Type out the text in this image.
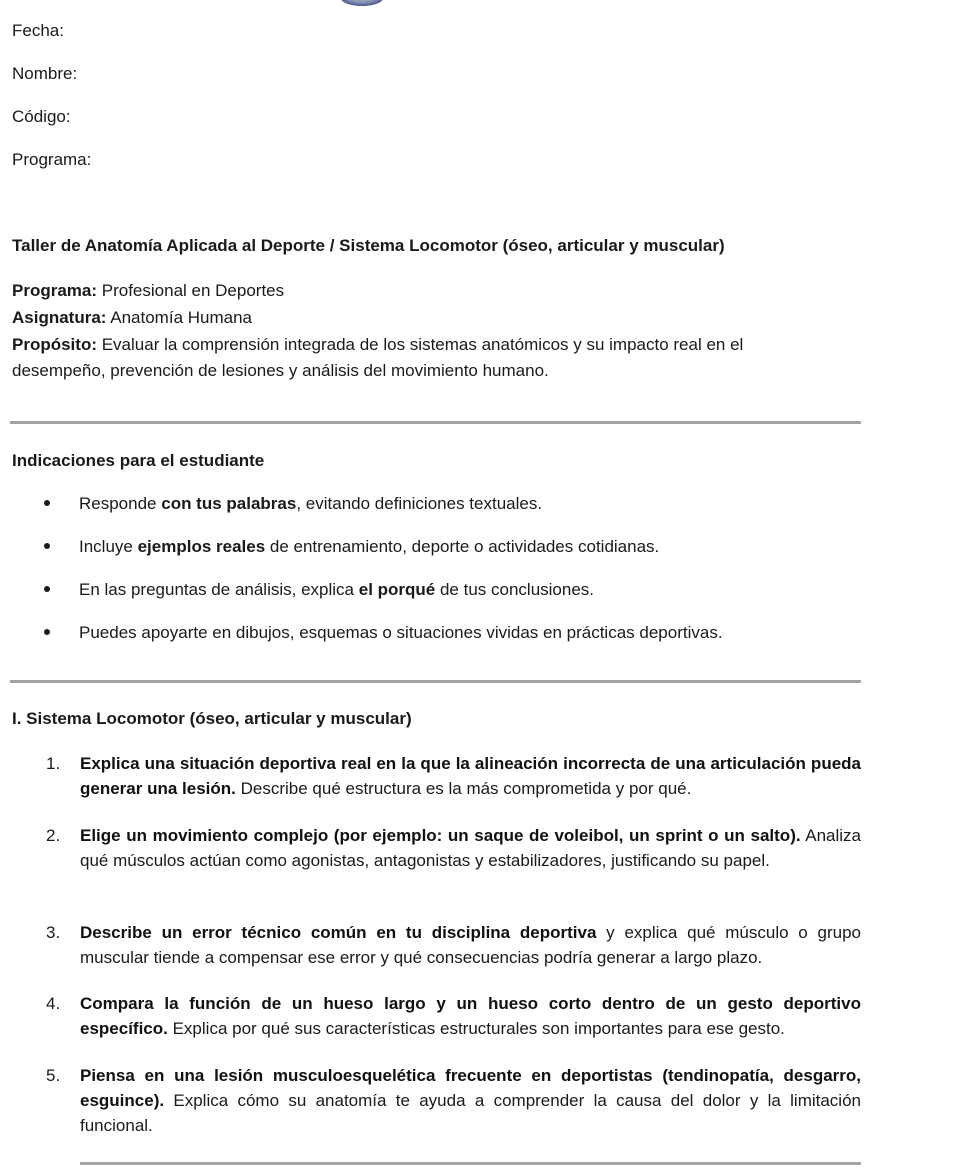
Fecha:
Nombre:
Código:
Programa:
Taller de Anatomía Aplicada al Deporte / Sistema Locomotor (óseo, articular y muscular)
Programa: Profesional en Deportes
Asignatura: Anatomía Humana
Propósito: Evaluar la comprensión integrada de los sistemas anatómicos y su impacto real en el
desempeño, prevención de lesiones y análisis del movimiento humano.
Indicaciones para el estudiante
Responde con tus palabras, evitando definiciones textuales.
Incluye ejemplos reales de entrenamiento, deporte o actividades cotidianas.
En las preguntas de análisis, explica el porqué de tus conclusiones.
Puedes apoyarte en dibujos, esquemas o situaciones vividas en prácticas deportivas.
I. Sistema Locomotor (óseo, articular y muscular)
1. Explica una situación deportiva real en la que la alineación incorrecta de una articulación pueda generar una lesión. Describe qué estructura es la más comprometida y por qué.
2. Elige un movimiento complejo (por ejemplo: un saque de voleibol, un sprint o un salto). Analiza qué músculos actúan como agonistas, antagonistas y estabilizadores, justificando su papel.
3. Describe un error técnico común en tu disciplina deportiva y explica qué músculo o grupo muscular tiende a compensar ese error y qué consecuencias podría generar a largo plazo.
4. Compara la función de un hueso largo y un hueso corto dentro de un gesto deportivo específico. Explica por qué sus características estructurales son importantes para ese gesto.
5. Piensa en una lesión musculoesquelética frecuente en deportistas (tendinopatía, desgarro, esguince). Explica cómo su anatomía te ayuda a comprender la causa del dolor y la limitación funcional.
